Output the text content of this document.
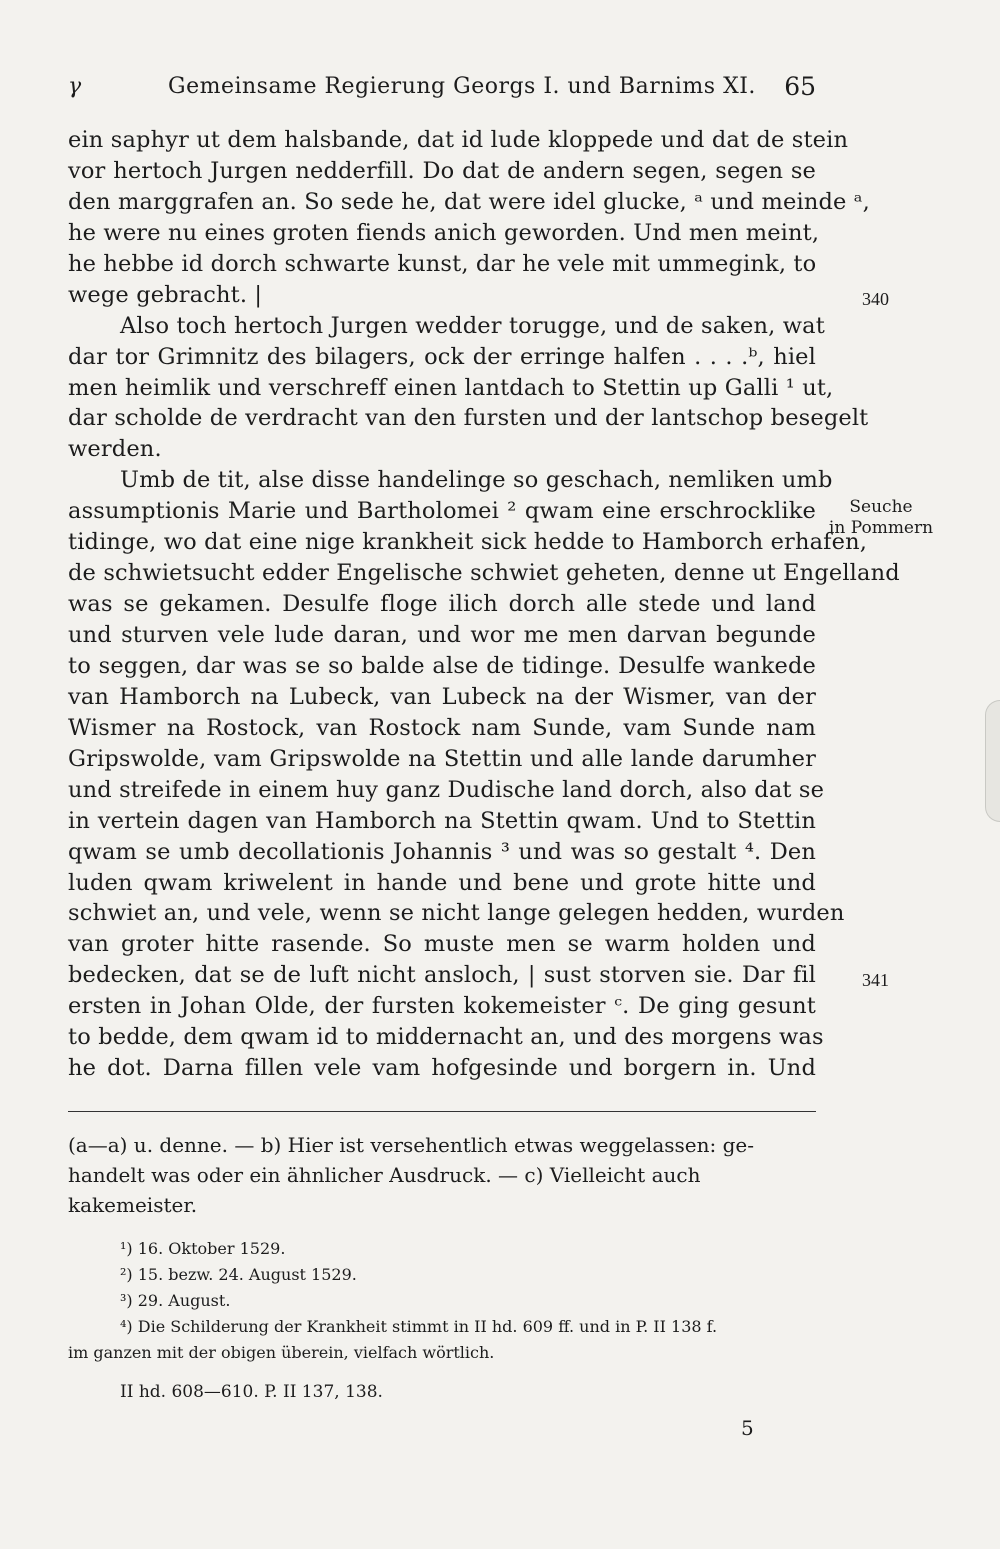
γ	Gemeinsame Regierung Georgs I. und Barnims XI. 65
ein saphyr ut dem halsbande, dat id lude kloppede und dat de stein
vor hertoch Jurgen nedderfill. Do dat de andern segen, segen se
den marggrafen an. So sede he, dat were idel glucke, ᵃ und meinde ᵃ,
he were nu eines groten fiends anich geworden. Und men meint,
he hebbe id dorch schwarte kunst, dar he vele mit ummegink, to
wege gebracht. |
Also toch hertoch Jurgen wedder torugge, und de saken, wat
dar tor Grimnitz des bilagers, ock der erringe halfen . . . .ᵇ, hiel
men heimlik und verschreff einen lantdach to Stettin up Galli ¹ ut,
dar scholde de verdracht van den fursten und der lantschop besegelt
werden.
Umb de tit, alse disse handelinge so geschach, nemliken umb
assumptionis Marie und Bartholomei ² qwam eine erschrocklike
tidinge, wo dat eine nige krankheit sick hedde to Hamborch erhafen,
de schwietsucht edder Engelische schwiet geheten, denne ut Engelland
was se gekamen. Desulfe floge ilich dorch alle stede und land
und sturven vele lude daran, und wor me men darvan begunde
to seggen, dar was se so balde alse de tidinge. Desulfe wankede
van Hamborch na Lubeck, van Lubeck na der Wismer, van der
Wismer na Rostock, van Rostock nam Sunde, vam Sunde nam
Gripswolde, vam Gripswolde na Stettin und alle lande darumher
und streifede in einem huy ganz Dudische land dorch, also dat se
in vertein dagen van Hamborch na Stettin qwam. Und to Stettin
qwam se umb decollationis Johannis ³ und was so gestalt ⁴. Den
luden qwam kriwelent in hande und bene und grote hitte und
schwiet an, und vele, wenn se nicht lange gelegen hedden, wurden
van groter hitte rasende. So muste men se warm holden und
bedecken, dat se de luft nicht ansloch, | sust storven sie. Dar fil
ersten in Johan Olde, der fursten kokemeister ᶜ. De ging gesunt
to bedde, dem qwam id to middernacht an, und des morgens was
he dot. Darna fillen vele vam hofgesinde und borgern in. Und
340
Seuche
in Pommern
341
(a—a) u. denne. — b) Hier ist versehentlich etwas weggelassen: ge-
handelt was oder ein ähnlicher Ausdruck. — c) Vielleicht auch
kakemeister.
¹) 16. Oktober 1529.
²) 15. bezw. 24. August 1529.
³) 29. August.
⁴) Die Schilderung der Krankheit stimmt in II hd. 609 ff. und in P. II 138 f.
im ganzen mit der obigen überein, vielfach wörtlich.
II hd. 608—610. P. II 137, 138.
5
